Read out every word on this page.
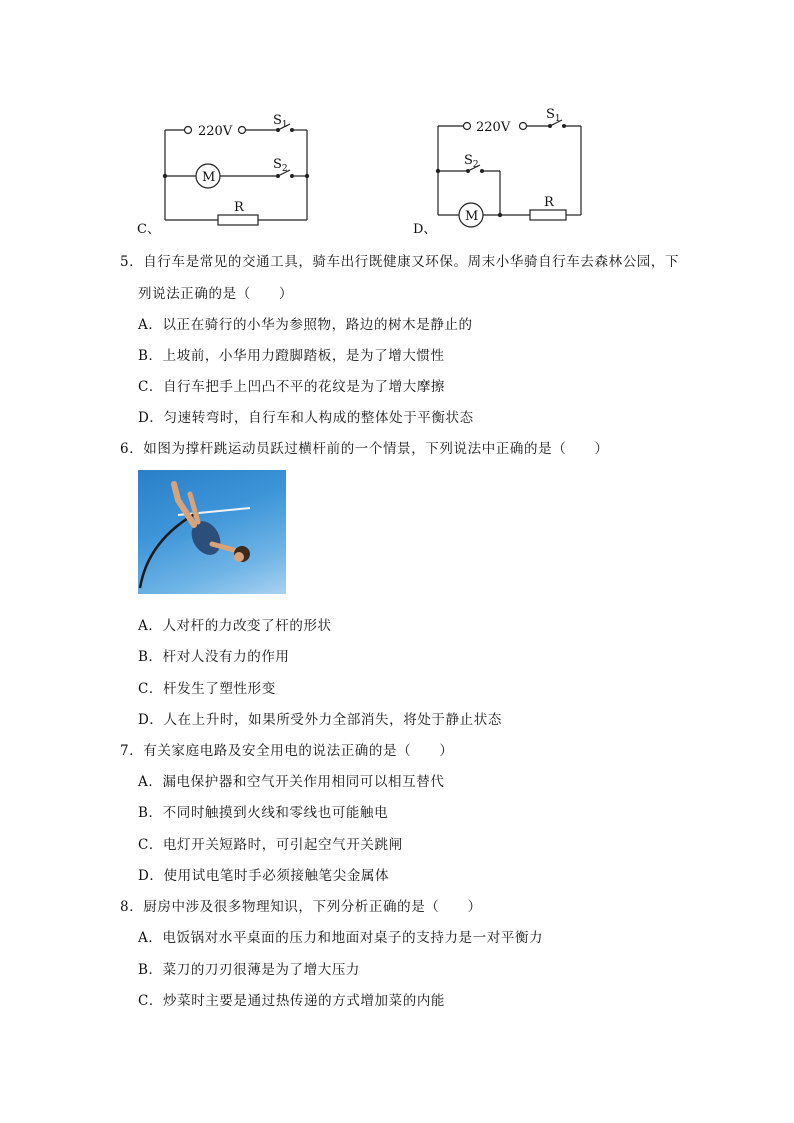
220V
$S_1$
M
$S_2$
R
C、
220V
$S_1$
$S_2$
M
R
D、
5．自行车是常见的交通工具，骑车出行既健康又环保。周末小华骑自行车去森林公园，下
列说法正确的是（　　）
A．以正在骑行的小华为参照物，路边的树木是静止的
B．上坡前，小华用力蹬脚踏板，是为了增大惯性
C．自行车把手上凹凸不平的花纹是为了增大摩擦
D．匀速转弯时，自行车和人构成的整体处于平衡状态
6．如图为撑杆跳运动员跃过横杆前的一个情景，下列说法中正确的是（　　）
A．人对杆的力改变了杆的形状
B．杆对人没有力的作用
C．杆发生了塑性形变
D．人在上升时，如果所受外力全部消失，将处于静止状态
7．有关家庭电路及安全用电的说法正确的是（　　）
A．漏电保护器和空气开关作用相同可以相互替代
B．不同时触摸到火线和零线也可能触电
C．电灯开关短路时，可引起空气开关跳闸
D．使用试电笔时手必须接触笔尖金属体
8．厨房中涉及很多物理知识，下列分析正确的是（　　）
A．电饭锅对水平桌面的压力和地面对桌子的支持力是一对平衡力
B．菜刀的刀刃很薄是为了增大压力
C．炒菜时主要是通过热传递的方式增加菜的内能
